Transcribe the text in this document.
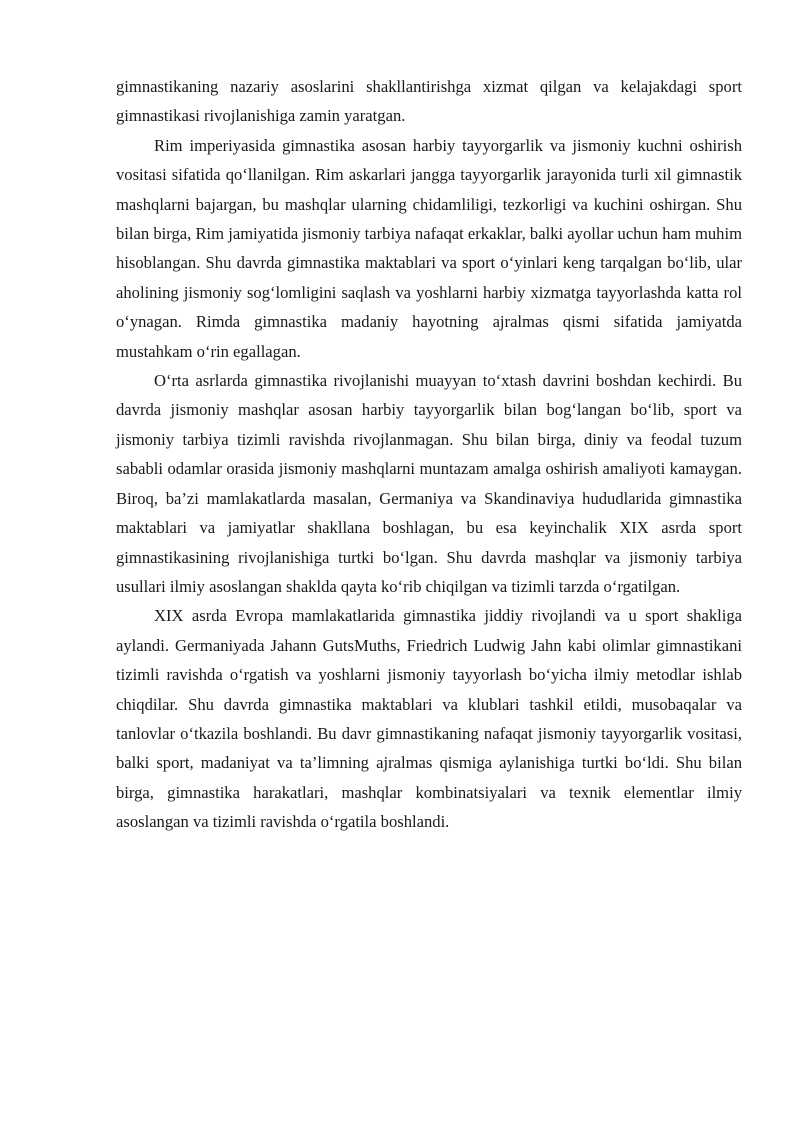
gimnastikaning nazariy asoslarini shakllantirishga xizmat qilgan va kelajakdagi sport gimnastikasi rivojlanishiga zamin yaratgan.

Rim imperiyasida gimnastika asosan harbiy tayyorgarlik va jismoniy kuchni oshirish vositasi sifatida qo‘llanilgan. Rim askarlari jangga tayyorgarlik jarayonida turli xil gimnastik mashqlarni bajargan, bu mashqlar ularning chidamliligi, tezkorligi va kuchini oshirgan. Shu bilan birga, Rim jamiyatida jismoniy tarbiya nafaqat erkaklar, balki ayollar uchun ham muhim hisoblangan. Shu davrda gimnastika maktablari va sport o‘yinlari keng tarqalgan bo‘lib, ular aholining jismoniy sog‘lomligini saqlash va yoshlarni harbiy xizmatga tayyorlashda katta rol o‘ynagan. Rimda gimnastika madaniy hayotning ajralmas qismi sifatida jamiyatda mustahkam o‘rin egallagan.

O‘rta asrlarda gimnastika rivojlanishi muayyan to‘xtash davrini boshdan kechirdi. Bu davrda jismoniy mashqlar asosan harbiy tayyorgarlik bilan bog‘langan bo‘lib, sport va jismoniy tarbiya tizimli ravishda rivojlanmagan. Shu bilan birga, diniy va feodal tuzum sababli odamlar orasida jismoniy mashqlarni muntazam amalga oshirish amaliyoti kamaygan. Biroq, ba’zi mamlakatlarda masalan, Germaniya va Skandinaviya hududlarida gimnastika maktablari va jamiyatlar shakllana boshlagan, bu esa keyinchalik XIX asrda sport gimnastikasining rivojlanishiga turtki bo‘lgan. Shu davrda mashqlar va jismoniy tarbiya usullari ilmiy asoslangan shaklda qayta ko‘rib chiqilgan va tizimli tarzda o‘rgatilgan.

XIX asrda Evropa mamlakatlarida gimnastika jiddiy rivojlandi va u sport shakliga aylandi. Germaniyada Jahann GutsMuths, Friedrich Ludwig Jahn kabi olimlar gimnastikani tizimli ravishda o‘rgatish va yoshlarni jismoniy tayyorlash bo‘yicha ilmiy metodlar ishlab chiqdilar. Shu davrda gimnastika maktablari va klublari tashkil etildi, musobaqalar va tanlovlar o‘tkazila boshlandi. Bu davr gimnastikaning nafaqat jismoniy tayyorgarlik vositasi, balki sport, madaniyat va ta’limning ajralmas qismiga aylanishiga turtki bo‘ldi. Shu bilan birga, gimnastika harakatlari, mashqlar kombinatsiyalari va texnik elementlar ilmiy asoslangan va tizimli ravishda o‘rgatila boshlandi.
